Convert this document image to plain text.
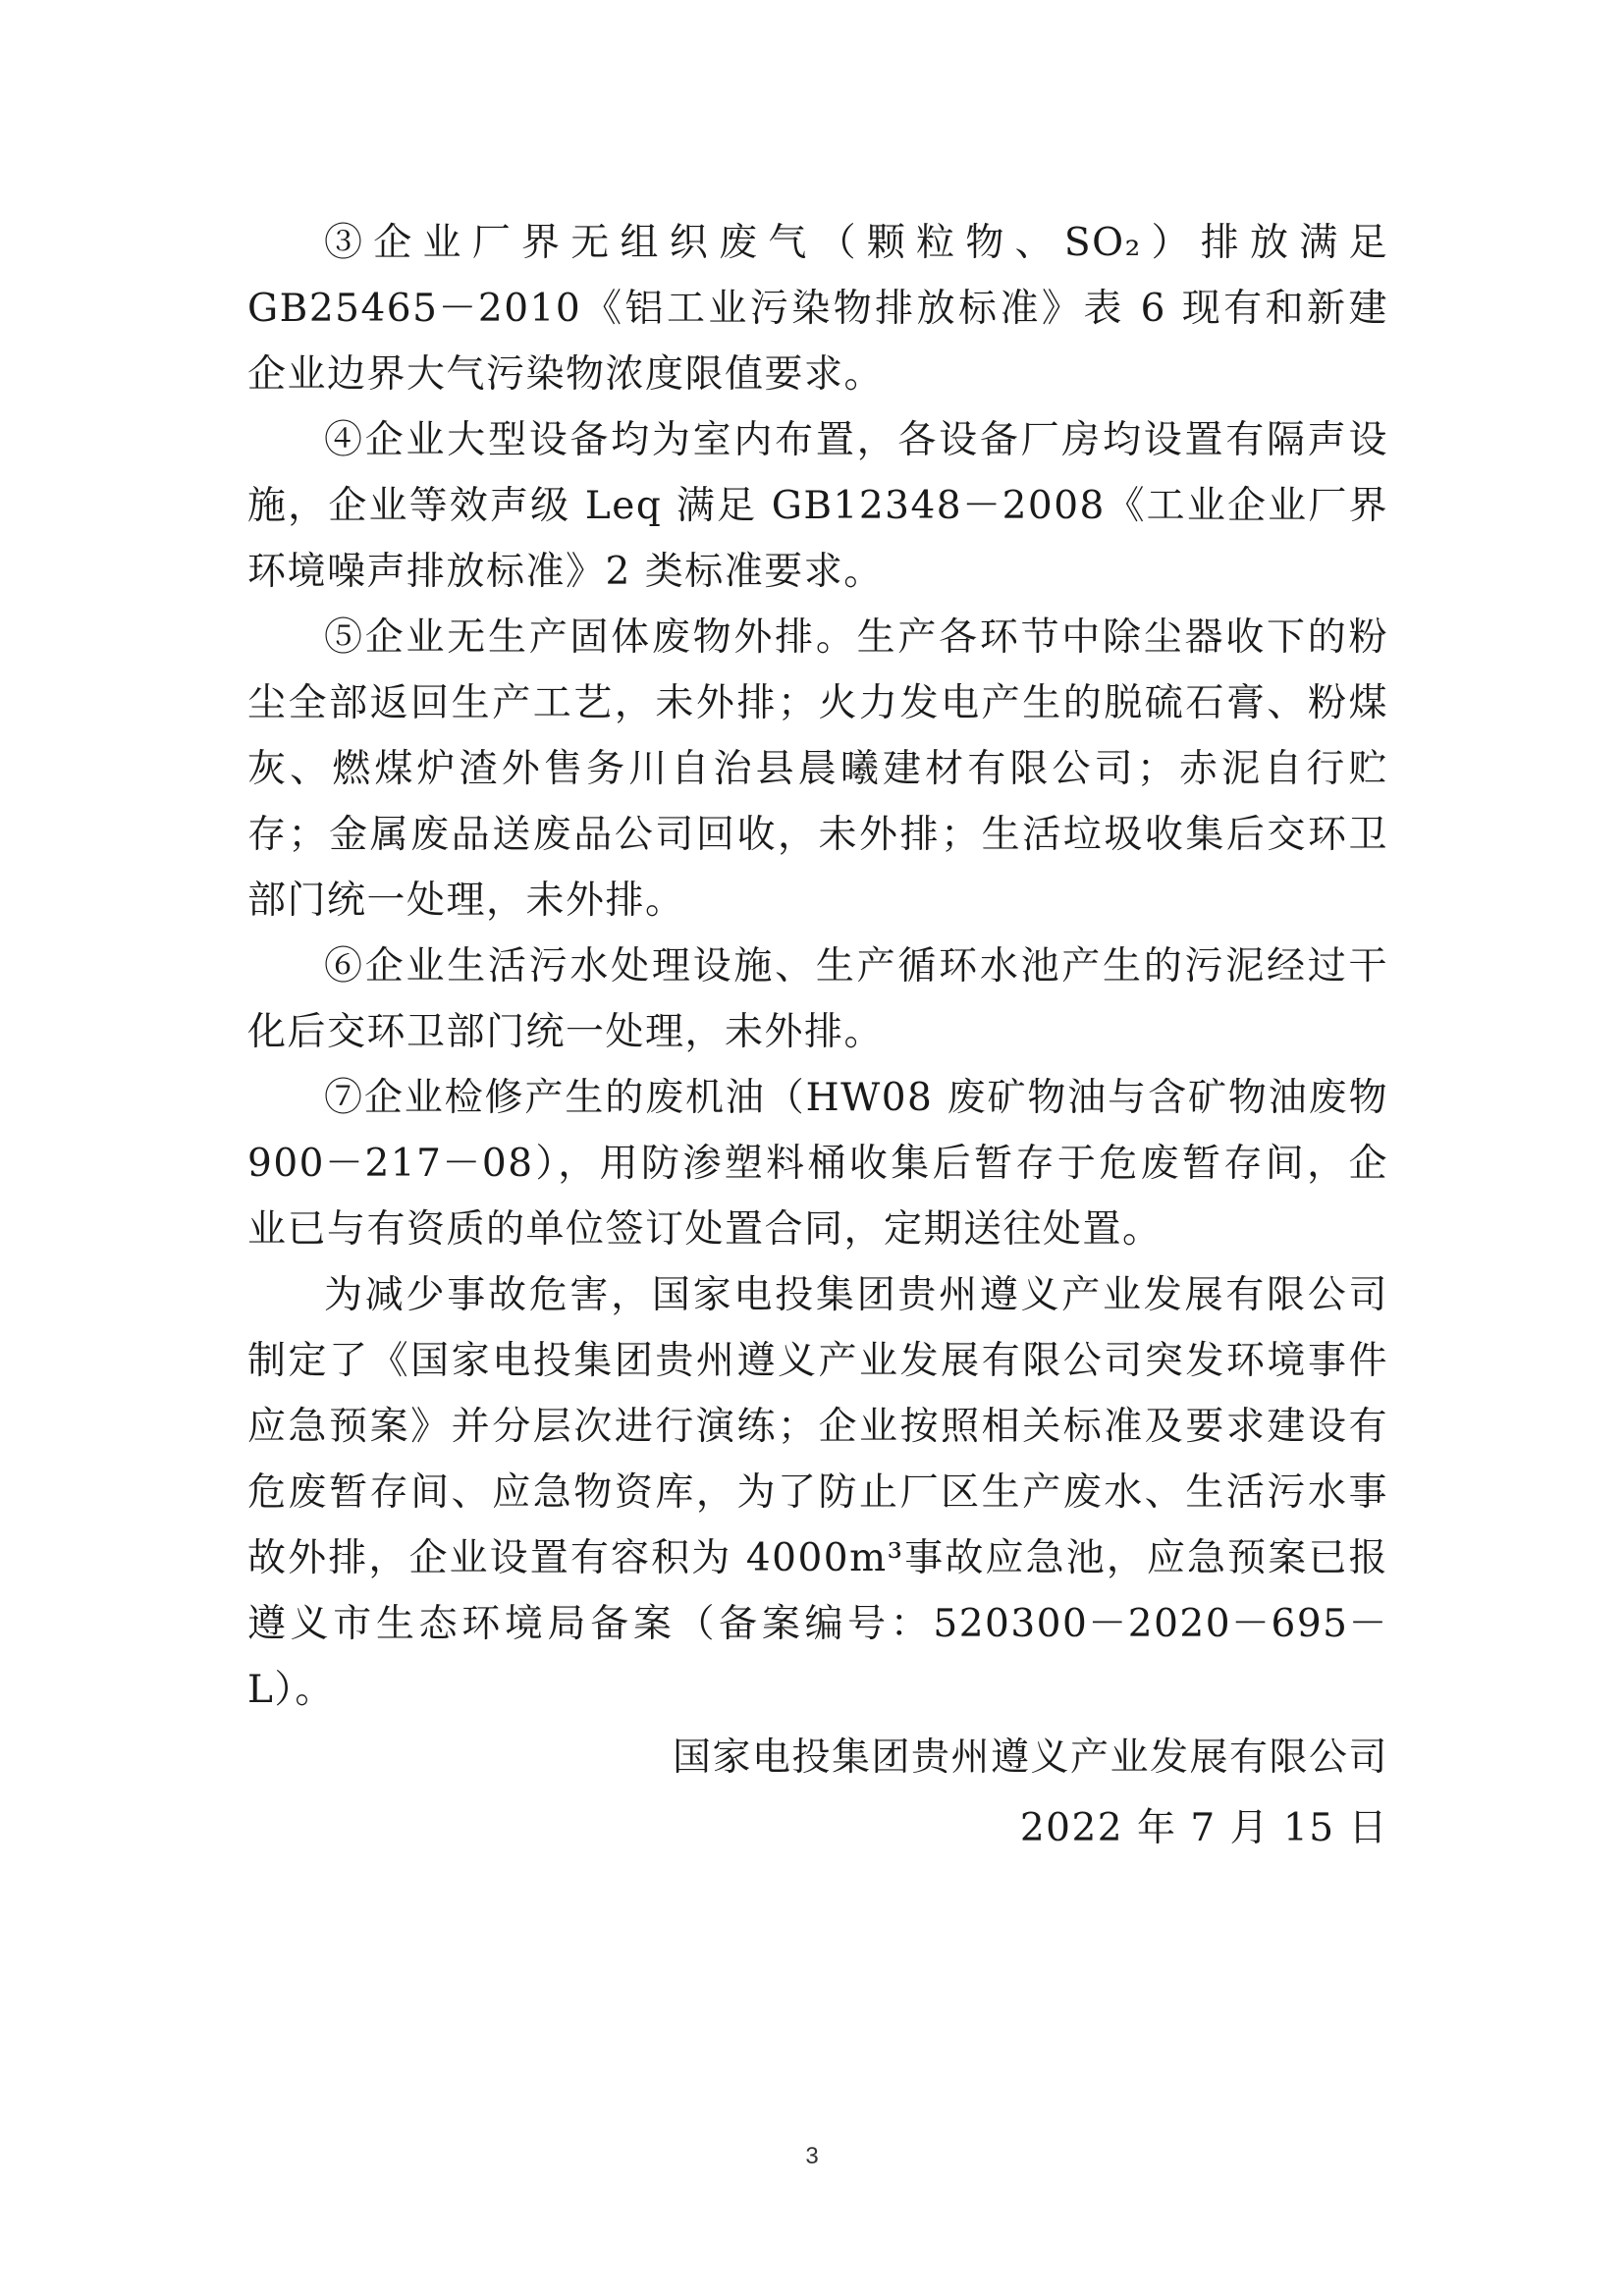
③企业厂界无组织废气（颗粒物、SO₂）排放满足 GB25465－2010《铝工业污染物排放标准》表 6 现有和新建企业边界大气污染物浓度限值要求。

④企业大型设备均为室内布置，各设备厂房均设置有隔声设施，企业等效声级 Leq 满足 GB12348－2008《工业企业厂界环境噪声排放标准》2 类标准要求。

⑤企业无生产固体废物外排。生产各环节中除尘器收下的粉尘全部返回生产工艺，未外排；火力发电产生的脱硫石膏、粉煤灰、燃煤炉渣外售务川自治县晨曦建材有限公司；赤泥自行贮存；金属废品送废品公司回收，未外排；生活垃圾收集后交环卫部门统一处理，未外排。

⑥企业生活污水处理设施、生产循环水池产生的污泥经过干化后交环卫部门统一处理，未外排。

⑦企业检修产生的废机油（HW08 废矿物油与含矿物油废物 900－217－08），用防渗塑料桶收集后暂存于危废暂存间，企业已与有资质的单位签订处置合同，定期送往处置。

为减少事故危害，国家电投集团贵州遵义产业发展有限公司制定了《国家电投集团贵州遵义产业发展有限公司突发环境事件应急预案》并分层次进行演练；企业按照相关标准及要求建设有危废暂存间、应急物资库，为了防止厂区生产废水、生活污水事故外排，企业设置有容积为 4000m³事故应急池，应急预案已报遵义市生态环境局备案（备案编号：520300－2020－695－L）。

国家电投集团贵州遵义产业发展有限公司
2022 年 7 月 15 日
3
